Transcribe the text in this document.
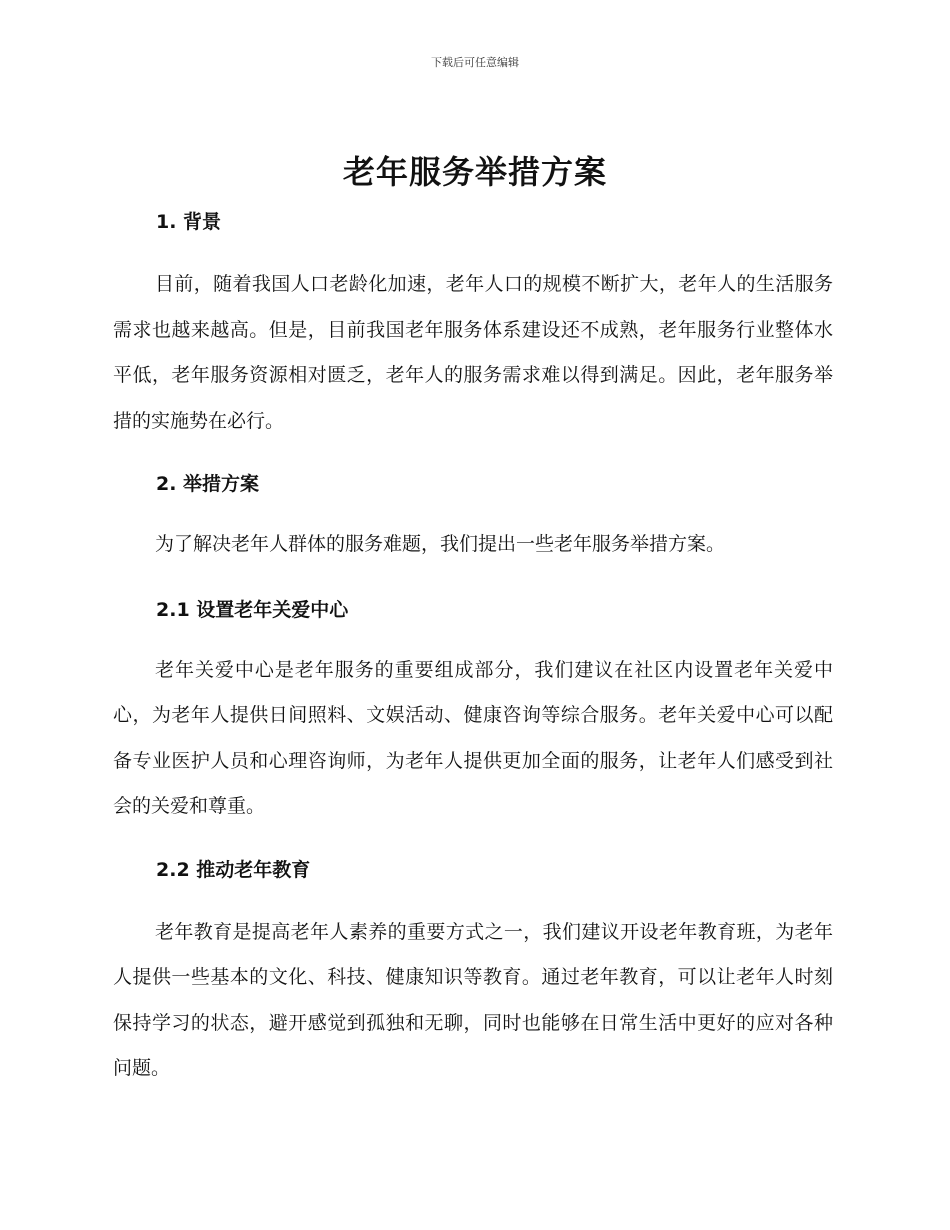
下载后可任意编辑
老年服务举措方案
1. 背景

目前，随着我国人口老龄化加速，老年人口的规模不断扩大，老年人的生活服务需求也越来越高。但是，目前我国老年服务体系建设还不成熟，老年服务行业整体水平低，老年服务资源相对匮乏，老年人的服务需求难以得到满足。因此，老年服务举措的实施势在必行。

2. 举措方案

为了解决老年人群体的服务难题，我们提出一些老年服务举措方案。

2.1 设置老年关爱中心

老年关爱中心是老年服务的重要组成部分，我们建议在社区内设置老年关爱中心，为老年人提供日间照料、文娱活动、健康咨询等综合服务。老年关爱中心可以配备专业医护人员和心理咨询师，为老年人提供更加全面的服务，让老年人们感受到社会的关爱和尊重。

2.2 推动老年教育

老年教育是提高老年人素养的重要方式之一，我们建议开设老年教育班，为老年人提供一些基本的文化、科技、健康知识等教育。通过老年教育，可以让老年人时刻保持学习的状态，避开感觉到孤独和无聊，同时也能够在日常生活中更好的应对各种问题。
